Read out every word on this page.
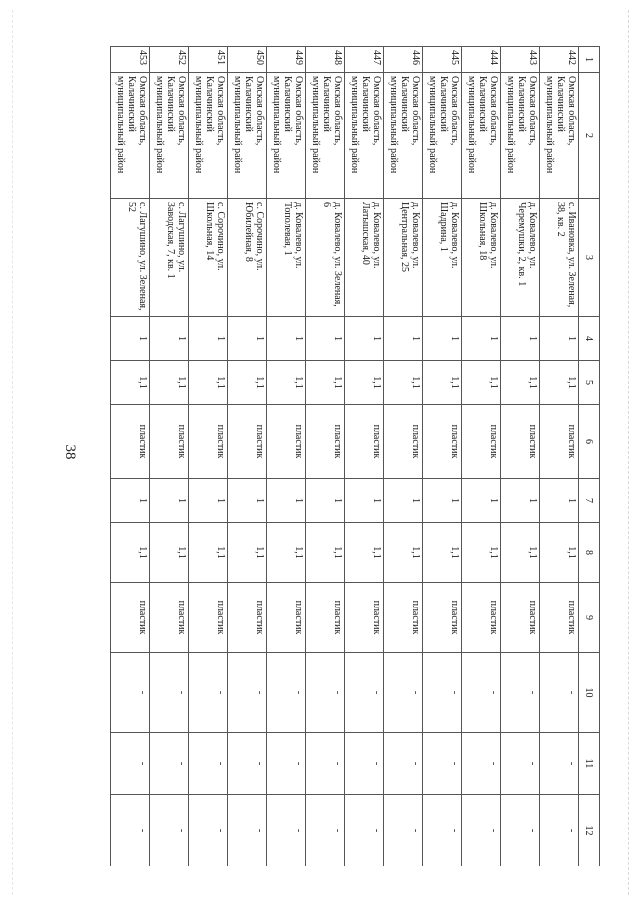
38
1	2	3	4	5	6	7	8	9	10	11	12
442	Омская область, Калачинский муниципальный район	с. Ивановка, ул. Зеленая, 38, кв. 2	1	1,1	пластик	1	1,1	пластик	-	-	-
443	Омская область, Калачинский муниципальный район	д. Ковалево, ул. Черемушки, 2, кв. 1	1	1,1	пластик	1	1,1	пластик	-	-	-
444	Омская область, Калачинский муниципальный район	д. Ковалево, ул. Школьная, 18	1	1,1	пластик	1	1,1	пластик	-	-	-
445	Омская область, Калачинский муниципальный район	д. Ковалево, ул. Шадрина, 1	1	1,1	пластик	1	1,1	пластик	-	-	-
446	Омская область, Калачинский муниципальный район	д. Ковалево, ул. Центральная, 25	1	1,1	пластик	1	1,1	пластик	-	-	-
447	Омская область, Калачинский муниципальный район	д. Ковалево, ул. Латышская, 40	1	1,1	пластик	1	1,1	пластик	-	-	-
448	Омская область, Калачинский муниципальный район	д. Ковалево, ул. Зеленая, 6	1	1,1	пластик	1	1,1	пластик	-	-	-
449	Омская область, Калачинский муниципальный район	д. Ковалево, ул. Тополевая, 1	1	1,1	пластик	1	1,1	пластик	-	-	-
450	Омская область, Калачинский муниципальный район	с. Сорочино, ул. Юбилейная, 8	1	1,1	пластик	1	1,1	пластик	-	-	-
451	Омская область, Калачинский муниципальный район	с. Сорочино, ул. Школьная, 14	1	1,1	пластик	1	1,1	пластик	-	-	-
452	Омская область, Калачинский муниципальный район	с. Лагушино, ул. Заводская, 7, кв. 1	1	1,1	пластик	1	1,1	пластик	-	-	-
453	Омская область, Калачинский муниципальный район	с. Лагушино, ул. Зеленая, 52	1	1,1	пластик	1	1,1	пластик	-	-	-
